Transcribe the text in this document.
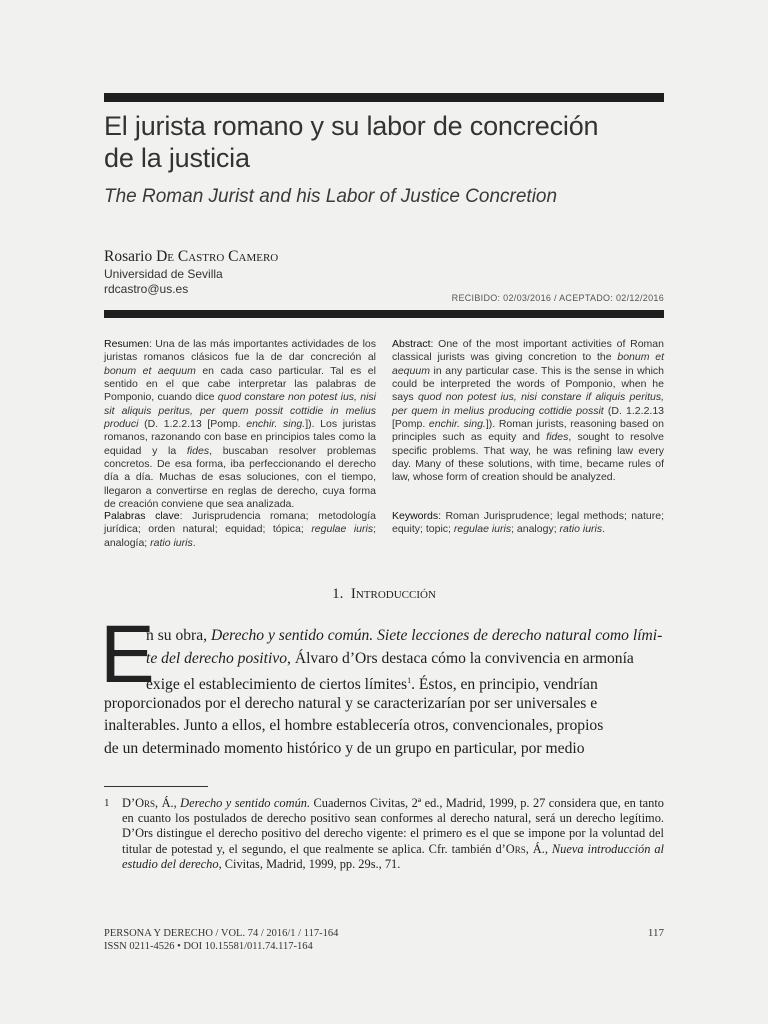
El jurista romano y su labor de concreción
de la justicia
The Roman Jurist and his Labor of Justice Concretion
Rosario De Castro Camero
Universidad de Sevilla
rdcastro@us.es
RECIBIDO: 02/03/2016 / ACEPTADO: 02/12/2016
Resumen: Una de las más importantes actividades de los juristas romanos clásicos fue la de dar concreción al bonum et aequum en cada caso particular. Tal es el sentido en el que cabe interpretar las palabras de Pomponio, cuando dice quod constare non potest ius, nisi sit aliquis peritus, per quem possit cottidie in melius produci (D. 1.2.2.13 [Pomp. enchir. sing.]). Los juristas romanos, razonando con base en principios tales como la equidad y la fides, buscaban resolver problemas concretos. De esa forma, iba perfeccionando el derecho día a día. Muchas de esas soluciones, con el tiempo, llegaron a convertirse en reglas de derecho, cuya forma de creación conviene que sea analizada.
Abstract: One of the most important activities of Roman classical jurists was giving concretion to the bonum et aequum in any particular case. This is the sense in which could be interpreted the words of Pomponio, when he says quod non potest ius, nisi constare if aliquis peritus, per quem in melius producing cottidie possit (D. 1.2.2.13 [Pomp. enchir. sing.]). Roman jurists, reasoning based on principles such as equity and fides, sought to resolve specific problems. That way, he was refining law every day. Many of these solutions, with time, became rules of law, whose form of creation should be analyzed.
Palabras clave: Jurisprudencia romana; metodología jurídica; orden natural; equidad; tópica; regulae iuris; analogía; ratio iuris.
Keywords: Roman Jurisprudence; legal methods; nature; equity; topic; regulae iuris; analogy; ratio iuris.
1. Introducción
E
n su obra, Derecho y sentido común. Siete lecciones de derecho natural como lími-
te del derecho positivo, Álvaro d’Ors destaca cómo la convivencia en armonía
exige el establecimiento de ciertos límites$^1$. Éstos, en principio, vendrían
proporcionados por el derecho natural y se caracterizarían por ser universales e
inalterables. Junto a ellos, el hombre establecería otros, convencionales, propios
de un determinado momento histórico y de un grupo en particular, por medio
1 D’Ors, Á., Derecho y sentido común. Cuadernos Civitas, 2ª ed., Madrid, 1999, p. 27 considera que, en tanto en cuanto los postulados de derecho positivo sean conformes al derecho natural, será un derecho legítimo. D’Ors distingue el derecho positivo del derecho vigente: el primero es el que se impone por la voluntad del titular de potestad y, el segundo, el que realmente se aplica. Cfr. también d’Ors, Á., Nueva introducción al estudio del derecho, Civitas, Madrid, 1999, pp. 29s., 71.
PERSONA Y DERECHO / VOL. 74 / 2016/1 / 117-164
ISSN 0211-4526 • DOI 10.15581/011.74.117-164
117
